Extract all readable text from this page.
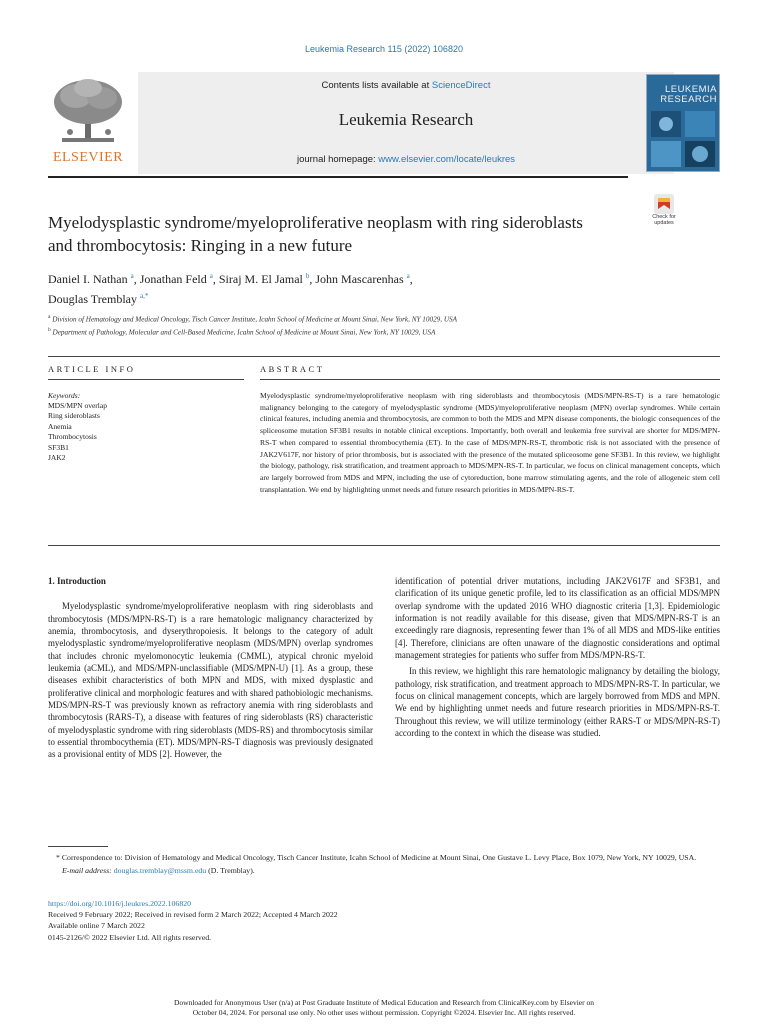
Leukemia Research 115 (2022) 106820
ELSEVIER
Contents lists available at ScienceDirect
Leukemia Research
journal homepage: www.elsevier.com/locate/leukres
LEUKEMIA RESEARCH
Check for updates
Myelodysplastic syndrome/myeloproliferative neoplasm with ring sideroblasts and thrombocytosis: Ringing in a new future
Daniel I. Nathan $^a$, Jonathan Feld $^a$, Siraj M. El Jamal $^b$, John Mascarenhas $^a$,
Douglas Tremblay $^{a,*}$
$^a$ Division of Hematology and Medical Oncology, Tisch Cancer Institute, Icahn School of Medicine at Mount Sinai, New York, NY 10029, USA
$^b$ Department of Pathology, Molecular and Cell-Based Medicine, Icahn School of Medicine at Mount Sinai, New York, NY 10029, USA
ARTICLE INFO	ABSTRACT
Keywords:
MDS/MPN overlap
Ring sideroblasts
Anemia
Thrombocytosis
SF3B1
JAK2
Myelodysplastic syndrome/myeloproliferative neoplasm with ring sideroblasts and thrombocytosis (MDS/MPN-RS-T) is a rare hematologic malignancy belonging to the category of myelodysplastic syndrome (MDS)/myeloproliferative neoplasm (MPN) overlap syndromes. While certain clinical features, including anemia and thrombocytosis, are common to both the MDS and MPN disease components, the biologic consequences of the spliceosome mutation SF3B1 results in notable clinical exceptions. Importantly, both overall and leukemia free survival are shorter for MDS/MPN-RS-T when compared to essential thrombocythemia (ET). In the case of MDS/MPN-RS-T, thrombotic risk is not associated with the presence of JAK2V617F, nor history of prior thrombosis, but is associated with the presence of the mutated spliceosome gene SF3B1. In this review, we highlight the biology, pathology, risk stratification, and treatment approach to MDS/MPN-RS-T. In particular, we focus on clinical management concepts, which are largely borrowed from MDS and MPN, including the use of cytoreduction, bone marrow stimulating agents, and the role of allogeneic stem cell transplantation. We end by highlighting unmet needs and future research priorities in MDS/MPN-RS-T.
1. Introduction

Myelodysplastic syndrome/myeloproliferative neoplasm with ring sideroblasts and thrombocytosis (MDS/MPN-RS-T) is a rare hematologic malignancy characterized by anemia, thrombocytosis, and dyserythropoiesis. It belongs to the category of adult myelodysplastic syndrome/myeloproliferative neoplasm (MDS/MPN) overlap syndromes that includes chronic myelomonocytic leukemia (CMML), atypical chronic myeloid leukemia (aCML), and MDS/MPN-unclassifiable (MDS/MPN-U) [1]. As a group, these diseases exhibit characteristics of both MPN and MDS, with mixed dysplastic and proliferative clinical and morphologic features and with shared pathobiologic mechanisms. MDS/MPN-RS-T was previously known as refractory anemia with ring sideroblasts and thrombocytosis (RARS-T), a disease with features of ring sideroblasts (RS) characteristic of myelodysplastic syndrome with ring sideroblasts (MDS-RS) and thrombocytosis similar to essential thrombocythemia (ET). MDS/MPN-RS-T diagnosis was previously designated as a provisional entity of MDS [2]. However, the

identification of potential driver mutations, including JAK2V617F and SF3B1, and clarification of its unique genetic profile, led to its classification as an official MDS/MPN overlap syndrome with the updated 2016 WHO diagnostic criteria [1,3]. Epidemiologic information is not readily available for this disease, given that MDS/MPN-RS-T is an exceedingly rare diagnosis, representing fewer than 1% of all MDS and MDS-like entities [4]. Therefore, clinicians are often unaware of the diagnostic considerations and optimal management strategies for patients who suffer from MDS/MPN-RS-T.

In this review, we highlight this rare hematologic malignancy by detailing the biology, pathology, risk stratification, and treatment approach to MDS/MPN-RS-T. In particular, we focus on clinical management concepts, which are largely borrowed from MDS and MPN. We end by highlighting unmet needs and future research priorities in MDS/MPN-RS-T. Throughout this review, we will utilize terminology (either RARS-T or MDS/MPN-RS-T) according to the context in which the disease was studied.

* Correspondence to: Division of Hematology and Medical Oncology, Tisch Cancer Institute, Icahn School of Medicine at Mount Sinai, One Gustave L. Levy Place, Box 1079, New York, NY 10029, USA.
E-mail address: douglas.tremblay@mssm.edu (D. Tremblay).
https://doi.org/10.1016/j.leukres.2022.106820
Received 9 February 2022; Received in revised form 2 March 2022; Accepted 4 March 2022
Available online 7 March 2022
0145-2126/© 2022 Elsevier Ltd. All rights reserved.
Downloaded for Anonymous User (n/a) at Post Graduate Institute of Medical Education and Research from ClinicalKey.com by Elsevier on
October 04, 2024. For personal use only. No other uses without permission. Copyright ©2024. Elsevier Inc. All rights reserved.
